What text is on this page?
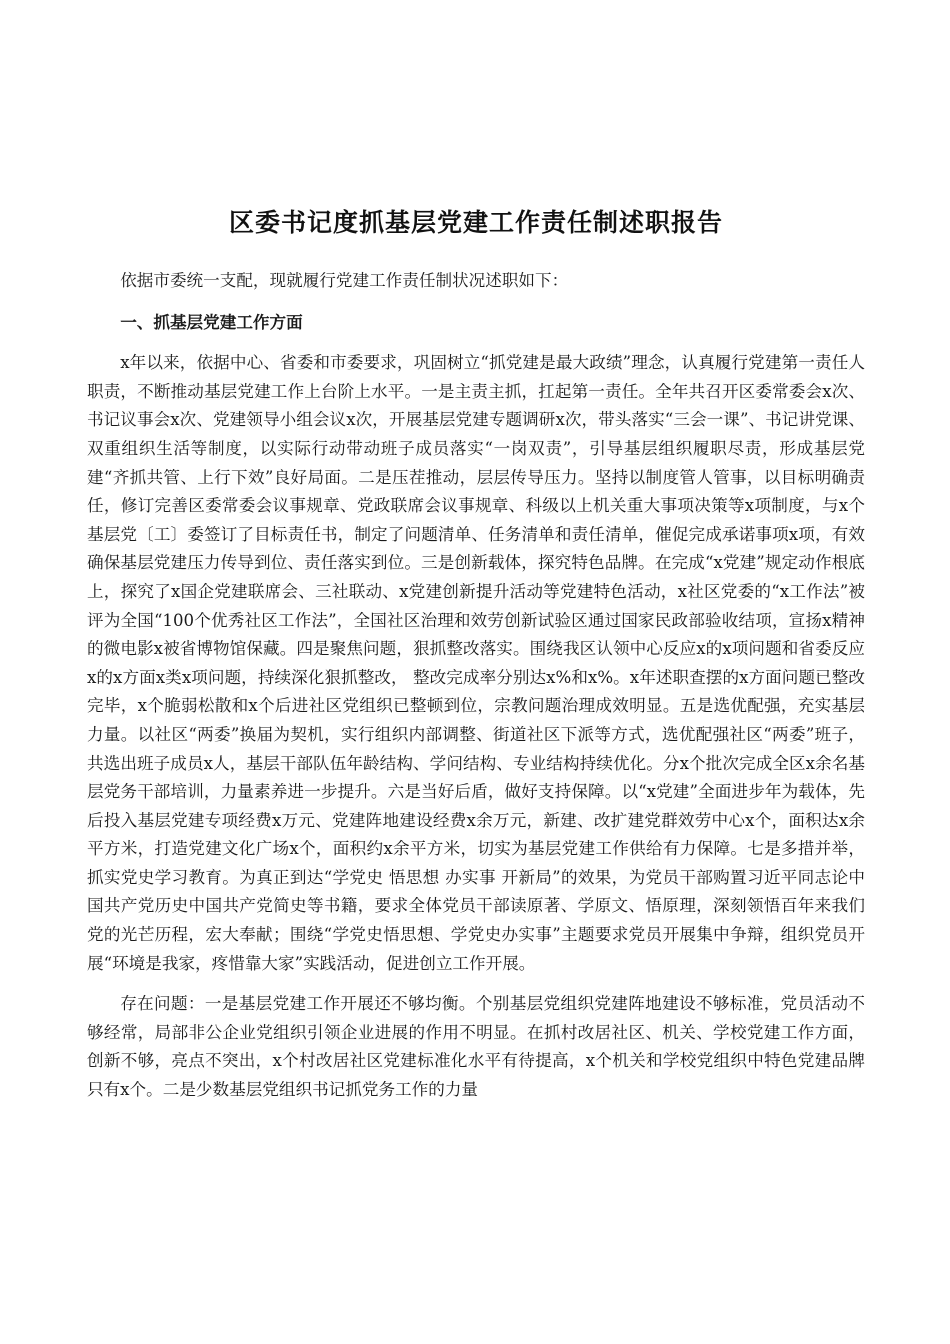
区委书记度抓基层党建工作责任制述职报告

依据市委统一支配，现就履行党建工作责任制状况述职如下：

一、抓基层党建工作方面

x年以来，依据中心、省委和市委要求，巩固树立“抓党建是最大政绩”理念，认真履行党建第一责任人职责，不断推动基层党建工作上台阶上水平。一是主责主抓，扛起第一责任。全年共召开区委常委会x次、书记议事会x次、党建领导小组会议x次，开展基层党建专题调研x次，带头落实“三会一课”、书记讲党课、双重组织生活等制度，以实际行动带动班子成员落实“一岗双责”，引导基层组织履职尽责，形成基层党建“齐抓共管、上行下效”良好局面。二是压茬推动，层层传导压力。坚持以制度管人管事，以目标明确责任，修订完善区委常委会议事规章、党政联席会议事规章、科级以上机关重大事项决策等x项制度，与x个基层党〔工〕委签订了目标责任书，制定了问题清单、任务清单和责任清单，催促完成承诺事项x项，有效确保基层党建压力传导到位、责任落实到位。三是创新载体，探究特色品牌。在完成“x党建”规定动作根底上，探究了x国企党建联席会、三社联动、x党建创新提升活动等党建特色活动，x社区党委的“x工作法”被评为全国“100个优秀社区工作法”，全国社区治理和效劳创新试验区通过国家民政部验收结项，宣扬x精神的微电影x被省博物馆保藏。四是聚焦问题，狠抓整改落实。围绕我区认领中心反应x的x项问题和省委反应x的x方面x类x项问题，持续深化狠抓整改， 整改完成率分别达x%和x%。x年述职查摆的x方面问题已整改完毕，x个脆弱松散和x个后进社区党组织已整顿到位，宗教问题治理成效明显。五是选优配强，充实基层力量。以社区“两委”换届为契机，实行组织内部调整、街道社区下派等方式，选优配强社区“两委”班子，共选出班子成员x人，基层干部队伍年龄结构、学问结构、专业结构持续优化。分x个批次完成全区x余名基层党务干部培训，力量素养进一步提升。六是当好后盾，做好支持保障。以“x党建”全面进步年为载体，先后投入基层党建专项经费x万元、党建阵地建设经费x余万元，新建、改扩建党群效劳中心x个，面积达x余平方米，打造党建文化广场x个，面积约x余平方米，切实为基层党建工作供给有力保障。七是多措并举，抓实党史学习教育。为真正到达“学党史 悟思想 办实事 开新局”的效果，为党员干部购置习近平同志论中国共产党历史中国共产党简史等书籍，要求全体党员干部读原著、学原文、悟原理，深刻领悟百年来我们党的光芒历程，宏大奉献；围绕“学党史悟思想、学党史办实事”主题要求党员开展集中争辩，组织党员开展“环境是我家，疼惜靠大家”实践活动，促进创立工作开展。

存在问题：一是基层党建工作开展还不够均衡。个别基层党组织党建阵地建设不够标准，党员活动不够经常，局部非公企业党组织引领企业进展的作用不明显。在抓村改居社区、机关、学校党建工作方面，创新不够，亮点不突出，x个村改居社区党建标准化水平有待提高，x个机关和学校党组织中特色党建品牌只有x个。二是少数基层党组织书记抓党务工作的力量
